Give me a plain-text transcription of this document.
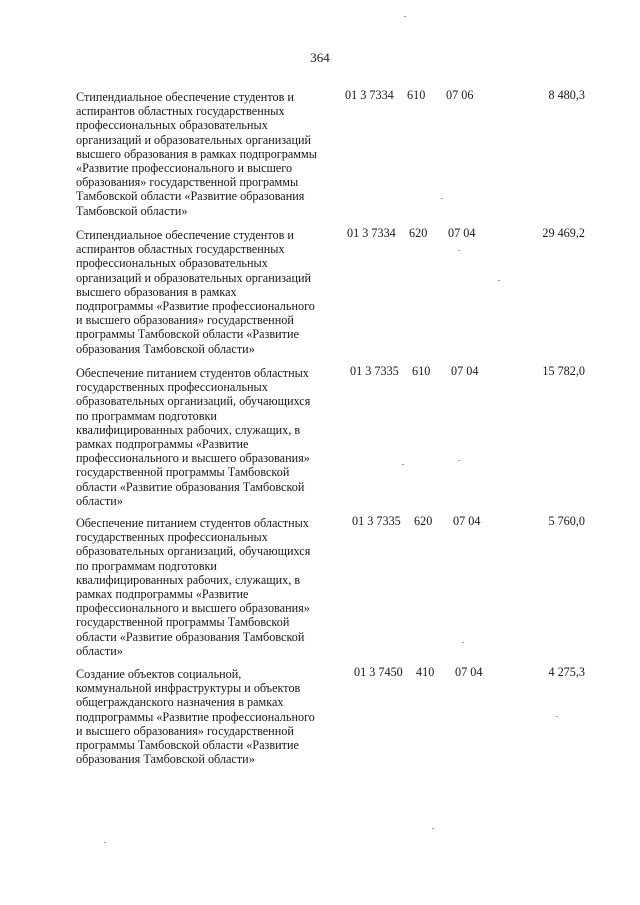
364
Стипендиальное обеспечение студентов и
аспирантов областных государственных
профессиональных образовательных
организаций и образовательных организаций
высшего образования в рамках подпрограммы
«Развитие профессионального и высшего
образования» государственной программы
Тамбовской области «Развитие образования
Тамбовской области»
01 3 7334 610 07 06	8 480,3
Стипендиальное обеспечение студентов и
аспирантов областных государственных
профессиональных образовательных
организаций и образовательных организаций
высшего образования в рамках
подпрограммы «Развитие профессионального
и высшего образования» государственной
программы Тамбовской области «Развитие
образования Тамбовской области»
01 3 7334 620 07 04	29 469,2
Обеспечение питанием студентов областных
государственных профессиональных
образовательных организаций, обучающихся
по программам подготовки
квалифицированных рабочих, служащих, в
рамках подпрограммы «Развитие
профессионального и высшего образования»
государственной программы Тамбовской
области «Развитие образования Тамбовской
области»
01 3 7335 610 07 04	15 782,0
Обеспечение питанием студентов областных
государственных профессиональных
образовательных организаций, обучающихся
по программам подготовки
квалифицированных рабочих, служащих, в
рамках подпрограммы «Развитие
профессионального и высшего образования»
государственной программы Тамбовской
области «Развитие образования Тамбовской
области»
01 3 7335 620 07 04	5 760,0
Создание объектов социальной,
коммунальной инфраструктуры и объектов
общегражданского назначения в рамках
подпрограммы «Развитие профессионального
и высшего образования» государственной
программы Тамбовской области «Развитие
образования Тамбовской области»
01 3 7450 410 07 04	4 275,3
